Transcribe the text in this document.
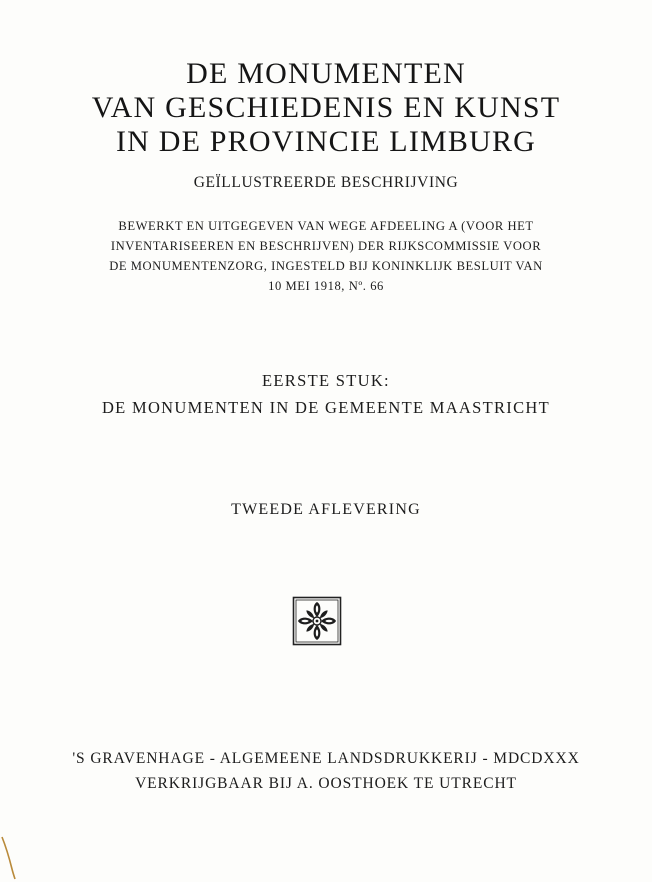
DE MONUMENTEN

VAN GESCHIEDENIS EN KUNST

IN DE PROVINCIE LIMBURG

GEÏLLUSTREERDE BESCHRIJVING

BEWERKT EN UITGEGEVEN VAN WEGE AFDEELING A (VOOR HET

INVENTARISEEREN EN BESCHRIJVEN) DER RIJKSCOMMISSIE VOOR

DE MONUMENTENZORG, INGESTELD BIJ KONINKLIJK BESLUIT VAN

10 MEI 1918, Nº. 66

EERSTE STUK:

DE MONUMENTEN IN DE GEMEENTE MAASTRICHT

TWEEDE AFLEVERING

'S GRAVENHAGE - ALGEMEENE LANDSDRUKKERIJ - MDCDXXX

VERKRIJGBAAR BIJ A. OOSTHOEK TE UTRECHT
